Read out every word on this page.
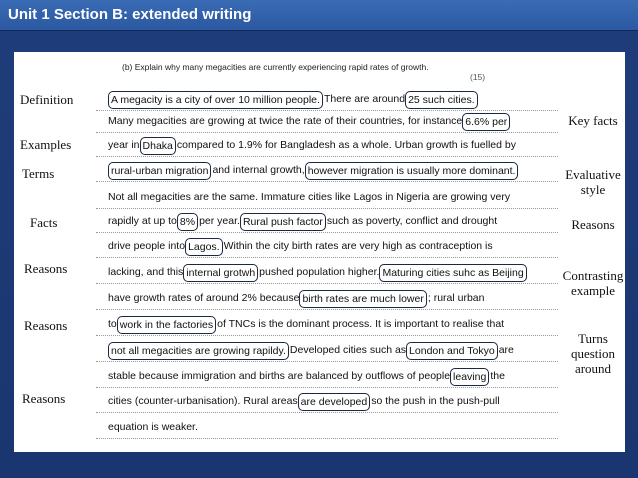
Unit 1 Section B: extended writing
(b) Explain why many megacities are currently experiencing rapid rates of growth.
(15)
Definition
Examples
Terms
Facts
Reasons
Reasons
Reasons
Key facts
Evaluative style
Reasons
Contrasting example
Turns question around
A megacity is a city of over 10 million people. There are around 25 such cities.
Many megacities are growing at twice the rate of their countries, for instance 6.6% per
year in Dhaka compared to 1.9% for Bangladesh as a whole. Urban growth is fuelled by
rural-urban migration and internal growth, however migration is usually more dominant.
Not all megacities are the same. Immature cities like Lagos in Nigeria are growing very
rapidly at up to 8% per year. Rural push factor such as poverty, conflict and drought
drive people into Lagos. Within the city birth rates are very high as contraception is
lacking, and this internal grotwh pushed population higher. Maturing cities suhc as Beijing
have growth rates of around 2% because birth rates are much lower ; rural urban
to work in the factories of TNCs is the dominant process. It is important to realise that
not all megacities are growing rapildy. Developed cities such as London and Tokyo are
stable because immigration and births are balanced by outflows of people leaving the
cities (counter-urbanisation). Rural areas are developed so the push in the push-pull
equation is weaker.
